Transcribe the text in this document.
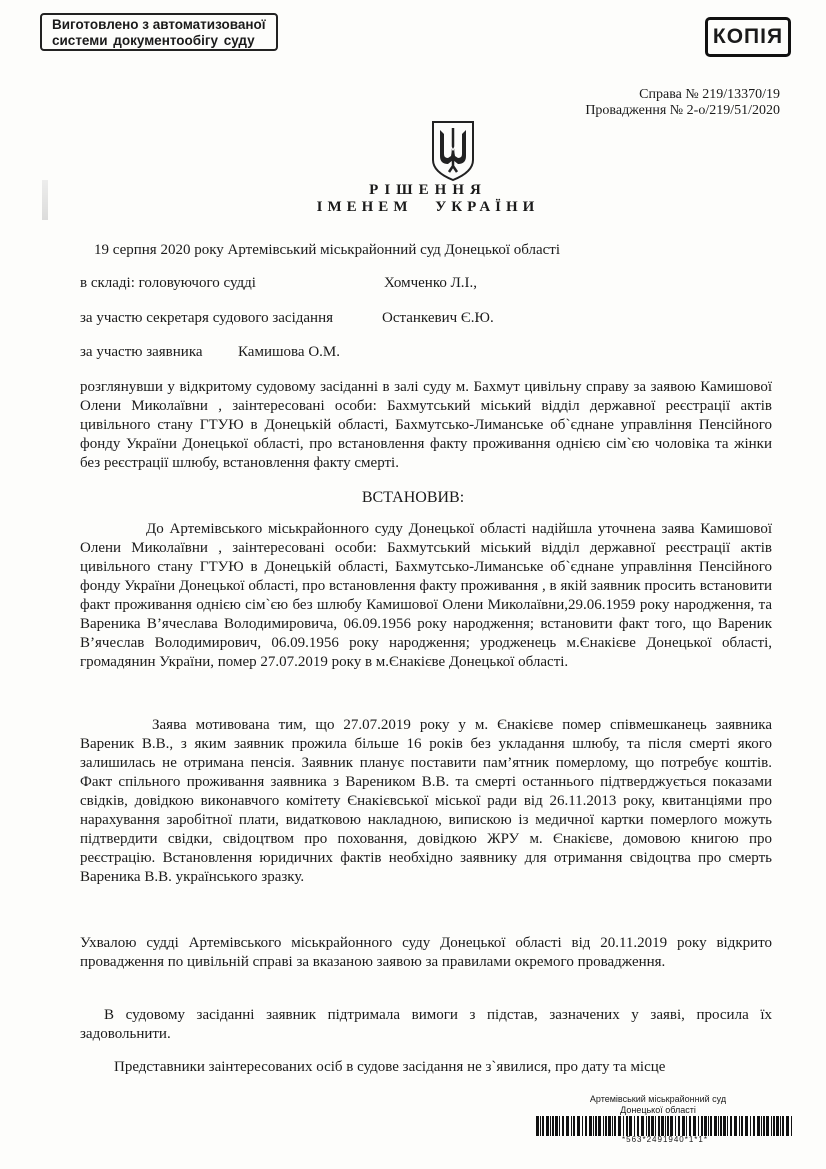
Виготовлено з автоматизованої
системи документообігу суду	КОПІЯ
Справа № 219/13370/19
Провадження № 2-о/219/51/2020
РІШЕННЯ
ІМЕНЕМ УКРАЇНИ
19 серпня 2020 року Артемівський міськрайонний суд Донецької області
в складі: головуючого судді	Хомченко Л.І.,
за участю секретаря судового засідання	Останкевич Є.Ю.
за участю заявника Камишова О.М.
розглянувши у відкритому судовому засіданні в залі суду м. Бахмут цивільну справу за заявою Камишової Олени Миколаївни , заінтересовані особи: Бахмутський міський відділ державної реєстрації актів цивільного стану ГТУЮ в Донецькій області, Бахмутсько-Лиманське об`єднане управління Пенсійного фонду України Донецької області, про встановлення факту проживання однією сім`єю чоловіка та жінки без реєстрації шлюбу, встановлення факту смерті.
ВСТАНОВИВ:
До Артемівського міськрайонного суду Донецької області надійшла уточнена заява Камишової Олени Миколаївни , заінтересовані особи: Бахмутський міський відділ державної реєстрації актів цивільного стану ГТУЮ в Донецькій області, Бахмутсько-Лиманське об`єднане управління Пенсійного фонду України Донецької області, про встановлення факту проживання , в якій заявник просить встановити факт проживання однією сім`єю без шлюбу Камишової Олени Миколаївни,29.06.1959 року народження, та Вареника В’ячеслава Володимировича, 06.09.1956 року народження; встановити факт того, що Вареник В’ячеслав Володимирович, 06.09.1956 року народження; уродженець м.Єнакієве Донецької області, громадянин України, помер 27.07.2019 року в м.Єнакієве Донецької області.
Заява мотивована тим, що 27.07.2019 року у м. Єнакієве помер співмешканець заявника Вареник В.В., з яким заявник прожила більше 16 років без укладання шлюбу, та після смерті якого залишилась не отримана пенсія. Заявник планує поставити пам’ятник померлому, що потребує коштів. Факт спільного проживання заявника з Вареником В.В. та смерті останнього підтверджується показами свідків, довідкою виконавчого комітету Єнакієвської міської ради від 26.11.2013 року, квитанціями про нарахування заробітної плати, видатковою накладною, випискою із медичної картки померлого можуть підтвердити свідки, свідоцтвом про поховання, довідкою ЖРУ м. Єнакієве, домовою книгою про реєстрацію. Встановлення юридичних фактів необхідно заявнику для отримання свідоцтва про смерть Вареника В.В. українського зразку.
Ухвалою судді Артемівського міськрайонного суду Донецької області від 20.11.2019 року відкрито провадження по цивільній справі за вказаною заявою за правилами окремого провадження.
В судовому засіданні заявник підтримала вимоги з підстав, зазначених у заяві, просила їх задовольнити.
Представники заінтересованих осіб в судове засідання не з`явилися, про дату та місце
Артемівський міськрайонний суд
Донецької області
*563*2491940*1*1*
